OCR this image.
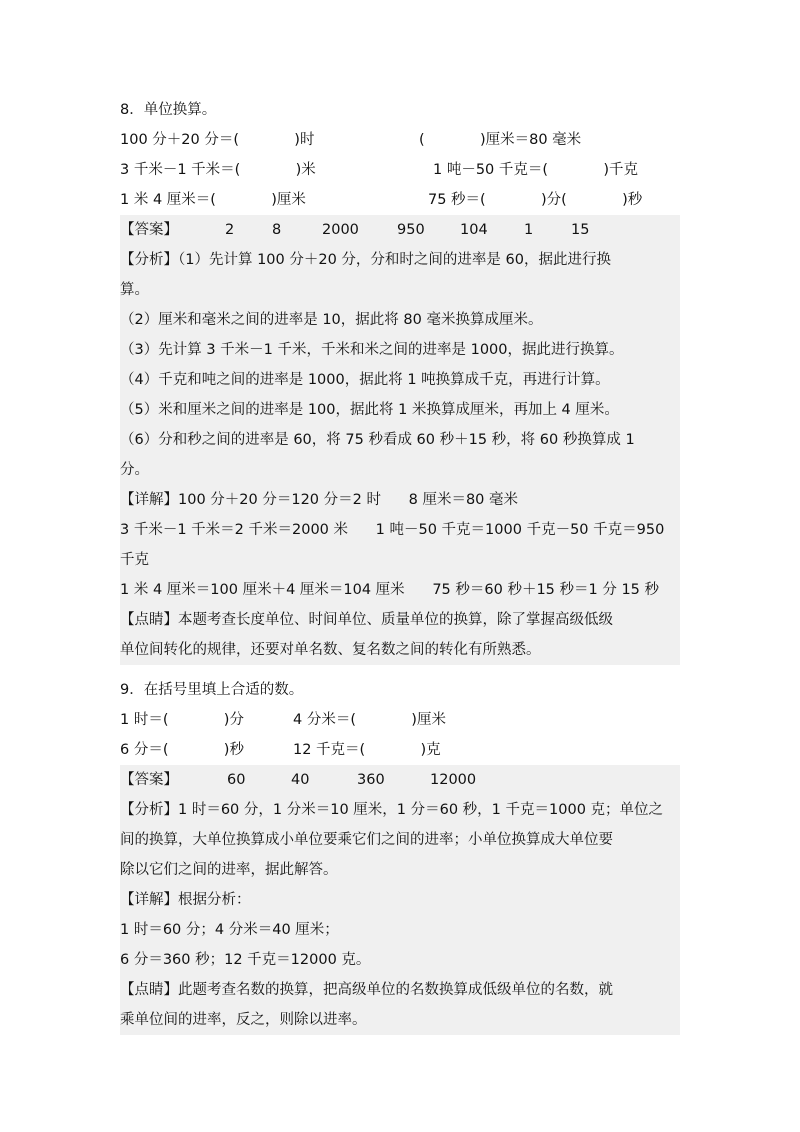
8．单位换算。
100 分＋20 分＝(            )时	(            )厘米＝80 毫米
3 千米－1 千米＝(            )米	1 吨－50 千克＝(            )千克
1 米 4 厘米＝(            )厘米	75 秒＝(            )分(            )秒
【答案】	2	8	2000	950 104	1	15
【分析】（1）先计算 100 分＋20 分，分和时之间的进率是 60，据此进行换
算。
（2）厘米和毫米之间的进率是 10，据此将 80 毫米换算成厘米。
（3）先计算 3 千米－1 千米，千米和米之间的进率是 1000，据此进行换算。
（4）千克和吨之间的进率是 1000，据此将 1 吨换算成千克，再进行计算。
（5）米和厘米之间的进率是 100，据此将 1 米换算成厘米，再加上 4 厘米。
（6）分和秒之间的进率是 60，将 75 秒看成 60 秒＋15 秒，将 60 秒换算成 1
分。
【详解】100 分＋20 分＝120 分＝2 时      8 厘米＝80 毫米
3 千米－1 千米＝2 千米＝2000 米      1 吨－50 千克＝1000 千克－50 千克＝950
千克
1 米 4 厘米＝100 厘米＋4 厘米＝104 厘米      75 秒＝60 秒＋15 秒＝1 分 15 秒
【点睛】本题考查长度单位、时间单位、质量单位的换算，除了掌握高级低级
单位间转化的规律，还要对单名数、复名数之间的转化有所熟悉。
9．在括号里填上合适的数。
1 时＝(            )分	4 分米＝(            )厘米
6 分＝(            )秒	12 千克＝(            )克
【答案】	60	40	360	12000
【分析】1 时＝60 分，1 分米＝10 厘米，1 分＝60 秒，1 千克＝1000 克；单位之
间的换算，大单位换算成小单位要乘它们之间的进率；小单位换算成大单位要
除以它们之间的进率，据此解答。
【详解】根据分析：
1 时＝60 分；4 分米＝40 厘米；
6 分＝360 秒；12 千克＝12000 克。
【点睛】此题考查名数的换算，把高级单位的名数换算成低级单位的名数，就
乘单位间的进率，反之，则除以进率。
